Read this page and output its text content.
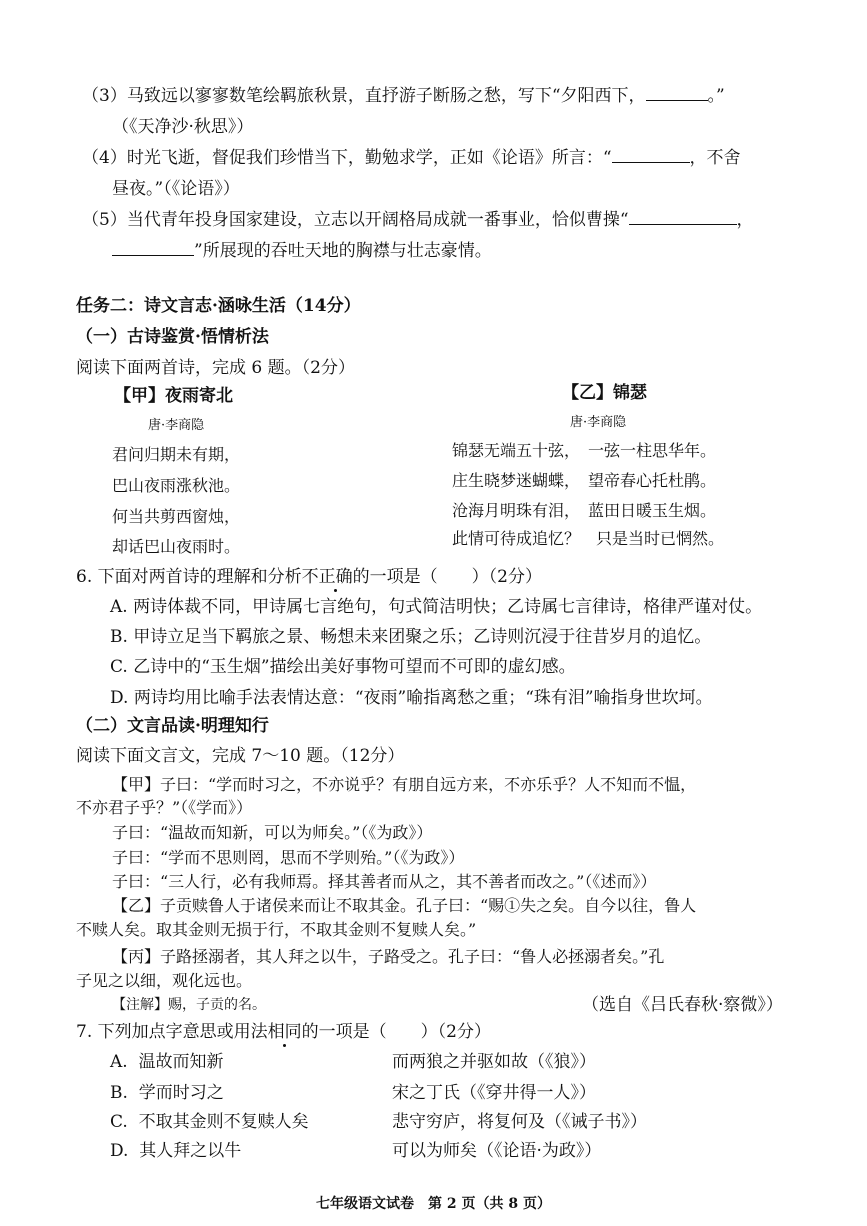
（3）马致远以寥寥数笔绘羁旅秋景，直抒游子断肠之愁，写下“夕阳西下，	。”
（《天净沙·秋思》）
（4）时光飞逝，督促我们珍惜当下，勤勉求学，正如《论语》所言：“	，不舍
昼夜。”（《论语》）
（5）当代青年投身国家建设，立志以开阔格局成就一番事业，恰似曹操“	，
”所展现的吞吐天地的胸襟与壮志豪情。
任务二：诗文言志·涵咏生活（14分）
（一）古诗鉴赏·悟情析法
阅读下面两首诗，完成 6 题。（2分）
【甲】夜雨寄北
唐·李商隐
君问归期未有期，
巴山夜雨涨秋池。
何当共剪西窗烛，
却话巴山夜雨时。
【乙】锦瑟
唐·李商隐
锦瑟无端五十弦，　一弦一柱思华年。
庄生晓梦迷蝴蝶，　望帝春心托杜鹃。
沧海月明珠有泪，　蓝田日暖玉生烟。
此情可待成追忆？　只是当时已惘然。
6. 下面对两首诗的理解和分析不正确的一项是（　　）（2分）
A. 两诗体裁不同，甲诗属七言绝句，句式简洁明快；乙诗属七言律诗，格律严谨对仗。
B. 甲诗立足当下羁旅之景、畅想未来团聚之乐；乙诗则沉浸于往昔岁月的追忆。
C. 乙诗中的“玉生烟”描绘出美好事物可望而不可即的虚幻感。
D. 两诗均用比喻手法表情达意：“夜雨”喻指离愁之重；“珠有泪”喻指身世坎坷。
（二）文言品读·明理知行
阅读下面文言文，完成 7～10 题。（12分）
【甲】子曰：“学而时习之，不亦说乎？有朋自远方来，不亦乐乎？人不知而不愠，
不亦君子乎？”（《学而》）
子曰：“温故而知新，可以为师矣。”（《为政》）
子曰：“学而不思则罔，思而不学则殆。”（《为政》）
子曰：“三人行，必有我师焉。择其善者而从之，其不善者而改之。”（《述而》）
【乙】子贡赎鲁人于诸侯来而让不取其金。孔子曰：“赐①失之矣。自今以往，鲁人
不赎人矣。取其金则无损于行，不取其金则不复赎人矣。”
【丙】子路拯溺者，其人拜之以牛，子路受之。孔子曰：“鲁人必拯溺者矣。”孔
子见之以细，观化远也。
【注解】赐，子贡的名。	（选自《吕氏春秋·察微》）
7. 下列加点字意思或用法相同的一项是（　　）（2分）
A. 温故而知新	而两狼之并驱如故（《狼》）
B. 学而时习之	宋之丁氏（《穿井得一人》）
C. 不取其金则不复赎人矣	悲守穷庐，将复何及（《诫子书》）
D. 其人拜之以牛	可以为师矣（《论语·为政》）
七年级语文试卷　第 2 页（共 8 页）
